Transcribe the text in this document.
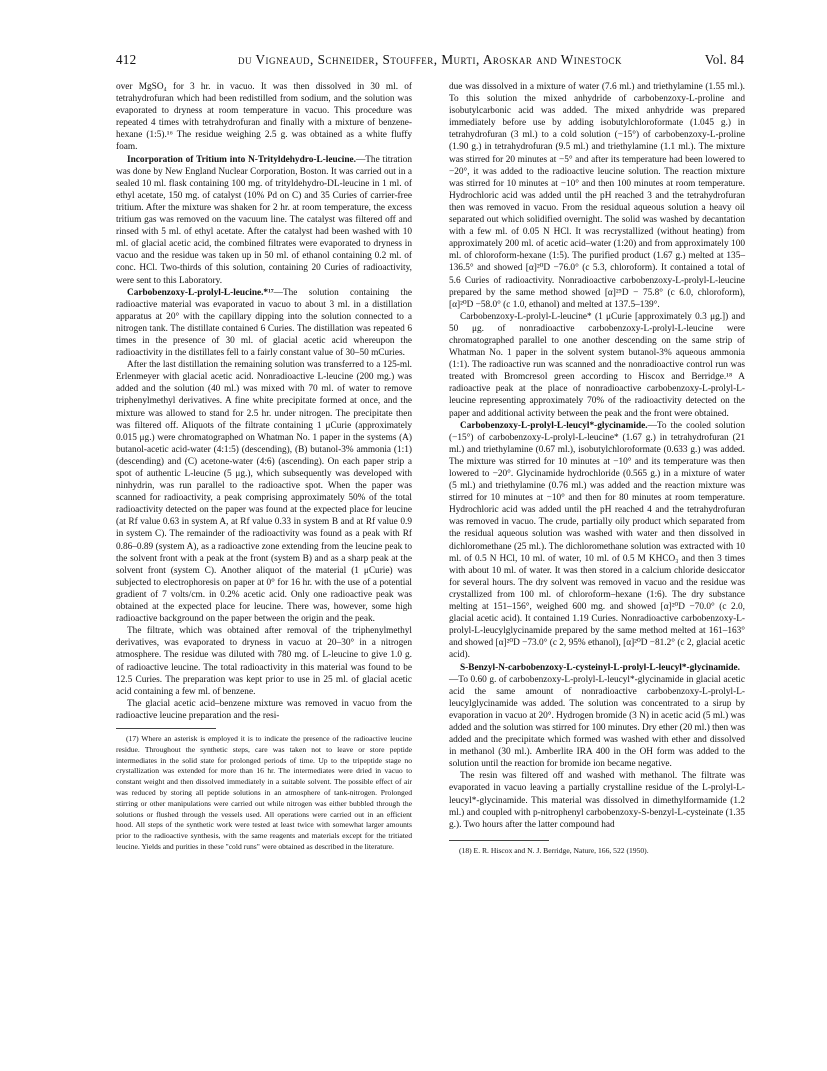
412	du Vigneaud, Schneider, Stouffer, Murti, Aroskar and Winestock	Vol. 84

over MgSO₄ for 3 hr. in vacuo. It was then dissolved in 30 ml. of tetrahydrofuran which had been redistilled from sodium, and the solution was evaporated to dryness at room temperature in vacuo. This procedure was repeated 4 times with tetrahydrofuran and finally with a mixture of benzene-hexane (1:5).¹⁶ The residue weighing 2.5 g. was obtained as a white fluffy foam.

Incorporation of Tritium into N-Trityldehydro-L-leucine.—The titration was done by New England Nuclear Corporation, Boston. It was carried out in a sealed 10 ml. flask containing 100 mg. of trityldehydro-DL-leucine in 1 ml. of ethyl acetate, 150 mg. of catalyst (10% Pd on C) and 35 Curies of carrier-free tritium. After the mixture was shaken for 2 hr. at room temperature, the excess tritium gas was removed on the vacuum line. The catalyst was filtered off and rinsed with 5 ml. of ethyl acetate. After the catalyst had been washed with 10 ml. of glacial acetic acid, the combined filtrates were evaporated to dryness in vacuo and the residue was taken up in 50 ml. of ethanol containing 0.2 ml. of conc. HCl. Two-thirds of this solution, containing 20 Curies of radioactivity, were sent to this Laboratory.

Carbobenzoxy-L-prolyl-L-leucine.*¹⁷—The solution containing the radioactive material was evaporated in vacuo to about 3 ml. in a distillation apparatus at 20° with the capillary dipping into the solution connected to a nitrogen tank. The distillate contained 6 Curies. The distillation was repeated 6 times in the presence of 30 ml. of glacial acetic acid whereupon the radioactivity in the distillates fell to a fairly constant value of 30–50 mCuries.

After the last distillation the remaining solution was transferred to a 125-ml. Erlenmeyer with glacial acetic acid. Nonradioactive L-leucine (200 mg.) was added and the solution (40 ml.) was mixed with 70 ml. of water to remove triphenylmethyl derivatives. A fine white precipitate formed at once, and the mixture was allowed to stand for 2.5 hr. under nitrogen. The precipitate then was filtered off. Aliquots of the filtrate containing 1 μCurie (approximately 0.015 μg.) were chromatographed on Whatman No. 1 paper in the systems (A) butanol-acetic acid-water (4:1:5) (descending), (B) butanol-3% ammonia (1:1) (descending) and (C) acetone-water (4:6) (ascending). On each paper strip a spot of authentic L-leucine (5 μg.), which subsequently was developed with ninhydrin, was run parallel to the radioactive spot. When the paper was scanned for radioactivity, a peak comprising approximately 50% of the total radioactivity detected on the paper was found at the expected place for leucine (at Rf value 0.63 in system A, at Rf value 0.33 in system B and at Rf value 0.9 in system C). The remainder of the radioactivity was found as a peak with Rf 0.86–0.89 (system A), as a radioactive zone extending from the leucine peak to the solvent front with a peak at the front (system B) and as a sharp peak at the solvent front (system C). Another aliquot of the material (1 μCurie) was subjected to electrophoresis on paper at 0° for 16 hr. with the use of a potential gradient of 7 volts/cm. in 0.2% acetic acid. Only one radioactive peak was obtained at the expected place for leucine. There was, however, some high radioactive background on the paper between the origin and the peak.

The filtrate, which was obtained after removal of the triphenylmethyl derivatives, was evaporated to dryness in vacuo at 20–30° in a nitrogen atmosphere. The residue was diluted with 780 mg. of L-leucine to give 1.0 g. of radioactive leucine. The total radioactivity in this material was found to be 12.5 Curies. The preparation was kept prior to use in 25 ml. of glacial acetic acid containing a few ml. of benzene.

The glacial acetic acid–benzene mixture was removed in vacuo from the radioactive leucine preparation and the resi-

(17) Where an asterisk is employed it is to indicate the presence of the radioactive leucine residue. Throughout the synthetic steps, care was taken not to leave or store peptide intermediates in the solid state for prolonged periods of time. Up to the tripeptide stage no crystallization was extended for more than 16 hr. The intermediates were dried in vacuo to constant weight and then dissolved immediately in a suitable solvent. The possible effect of air was reduced by storing all peptide solutions in an atmosphere of tank-nitrogen. Prolonged stirring or other manipulations were carried out while nitrogen was either bubbled through the solutions or flushed through the vessels used. All operations were carried out in an efficient hood. All steps of the synthetic work were tested at least twice with somewhat larger amounts prior to the radioactive synthesis, with the same reagents and materials except for the tritiated leucine. Yields and purities in these "cold runs" were obtained as described in the literature.

due was dissolved in a mixture of water (7.6 ml.) and triethylamine (1.55 ml.). To this solution the mixed anhydride of carbobenzoxy-L-proline and isobutylcarbonic acid was added. The mixed anhydride was prepared immediately before use by adding isobutylchloroformate (1.045 g.) in tetrahydrofuran (3 ml.) to a cold solution (−15°) of carbobenzoxy-L-proline (1.90 g.) in tetrahydrofuran (9.5 ml.) and triethylamine (1.1 ml.). The mixture was stirred for 20 minutes at −5° and after its temperature had been lowered to −20°, it was added to the radioactive leucine solution. The reaction mixture was stirred for 10 minutes at −10° and then 100 minutes at room temperature. Hydrochloric acid was added until the pH reached 3 and the tetrahydrofuran then was removed in vacuo. From the residual aqueous solution a heavy oil separated out which solidified overnight. The solid was washed by decantation with a few ml. of 0.05 N HCl. It was recrystallized (without heating) from approximately 200 ml. of acetic acid–water (1:20) and from approximately 100 ml. of chloroform-hexane (1:5). The purified product (1.67 g.) melted at 135–136.5° and showed [α]²⁰D −76.0° (c 5.3, chloroform). It contained a total of 5.6 Curies of radioactivity. Nonradioactive carbobenzoxy-L-prolyl-L-leucine prepared by the same method showed [α]²⁵D − 75.8° (c 6.0, chloroform), [α]²⁰D −58.0° (c 1.0, ethanol) and melted at 137.5–139°.

Carbobenzoxy-L-prolyl-L-leucine* (1 μCurie [approximately 0.3 μg.]) and 50 μg. of nonradioactive carbobenzoxy-L-prolyl-L-leucine were chromatographed parallel to one another descending on the same strip of Whatman No. 1 paper in the solvent system butanol-3% aqueous ammonia (1:1). The radioactive run was scanned and the nonradioactive control run was treated with Bromcresol green according to Hiscox and Berridge.¹⁸ A radioactive peak at the place of nonradioactive carbobenzoxy-L-prolyl-L-leucine representing approximately 70% of the radioactivity detected on the paper and additional activity between the peak and the front were obtained.

Carbobenzoxy-L-prolyl-L-leucyl*-glycinamide.—To the cooled solution (−15°) of carbobenzoxy-L-prolyl-L-leucine* (1.67 g.) in tetrahydrofuran (21 ml.) and triethylamine (0.67 ml.), isobutylchloroformate (0.633 g.) was added. The mixture was stirred for 10 minutes at −10° and its temperature was then lowered to −20°. Glycinamide hydrochloride (0.565 g.) in a mixture of water (5 ml.) and triethylamine (0.76 ml.) was added and the reaction mixture was stirred for 10 minutes at −10° and then for 80 minutes at room temperature. Hydrochloric acid was added until the pH reached 4 and the tetrahydrofuran was removed in vacuo. The crude, partially oily product which separated from the residual aqueous solution was washed with water and then dissolved in dichloromethane (25 ml.). The dichloromethane solution was extracted with 10 ml. of 0.5 N HCl, 10 ml. of water, 10 ml. of 0.5 M KHCO₃ and then 3 times with about 10 ml. of water. It was then stored in a calcium chloride desiccator for several hours. The dry solvent was removed in vacuo and the residue was crystallized from 100 ml. of chloroform–hexane (1:6). The dry substance melting at 151–156°, weighed 600 mg. and showed [α]²⁰D −70.0° (c 2.0, glacial acetic acid). It contained 1.19 Curies. Nonradioactive carbobenzoxy-L-prolyl-L-leucylglycinamide prepared by the same method melted at 161–163° and showed [α]²⁰D −73.0° (c 2, 95% ethanol), [α]²⁰D −81.2° (c 2, glacial acetic acid).

S-Benzyl-N-carbobenzoxy-L-cysteinyl-L-prolyl-L-leucyl*-glycinamide.—To 0.60 g. of carbobenzoxy-L-prolyl-L-leucyl*-glycinamide in glacial acetic acid the same amount of nonradioactive carbobenzoxy-L-prolyl-L-leucylglycinamide was added. The solution was concentrated to a sirup by evaporation in vacuo at 20°. Hydrogen bromide (3 N) in acetic acid (5 ml.) was added and the solution was stirred for 100 minutes. Dry ether (20 ml.) then was added and the precipitate which formed was washed with ether and dissolved in methanol (30 ml.). Amberlite IRA 400 in the OH form was added to the solution until the reaction for bromide ion became negative.

The resin was filtered off and washed with methanol. The filtrate was evaporated in vacuo leaving a partially crystalline residue of the L-prolyl-L-leucyl*-glycinamide. This material was dissolved in dimethylformamide (1.2 ml.) and coupled with p-nitrophenyl carbobenzoxy-S-benzyl-L-cysteinate (1.35 g.). Two hours after the latter compound had

(18) E. R. Hiscox and N. J. Berridge, Nature, 166, 522 (1950).
